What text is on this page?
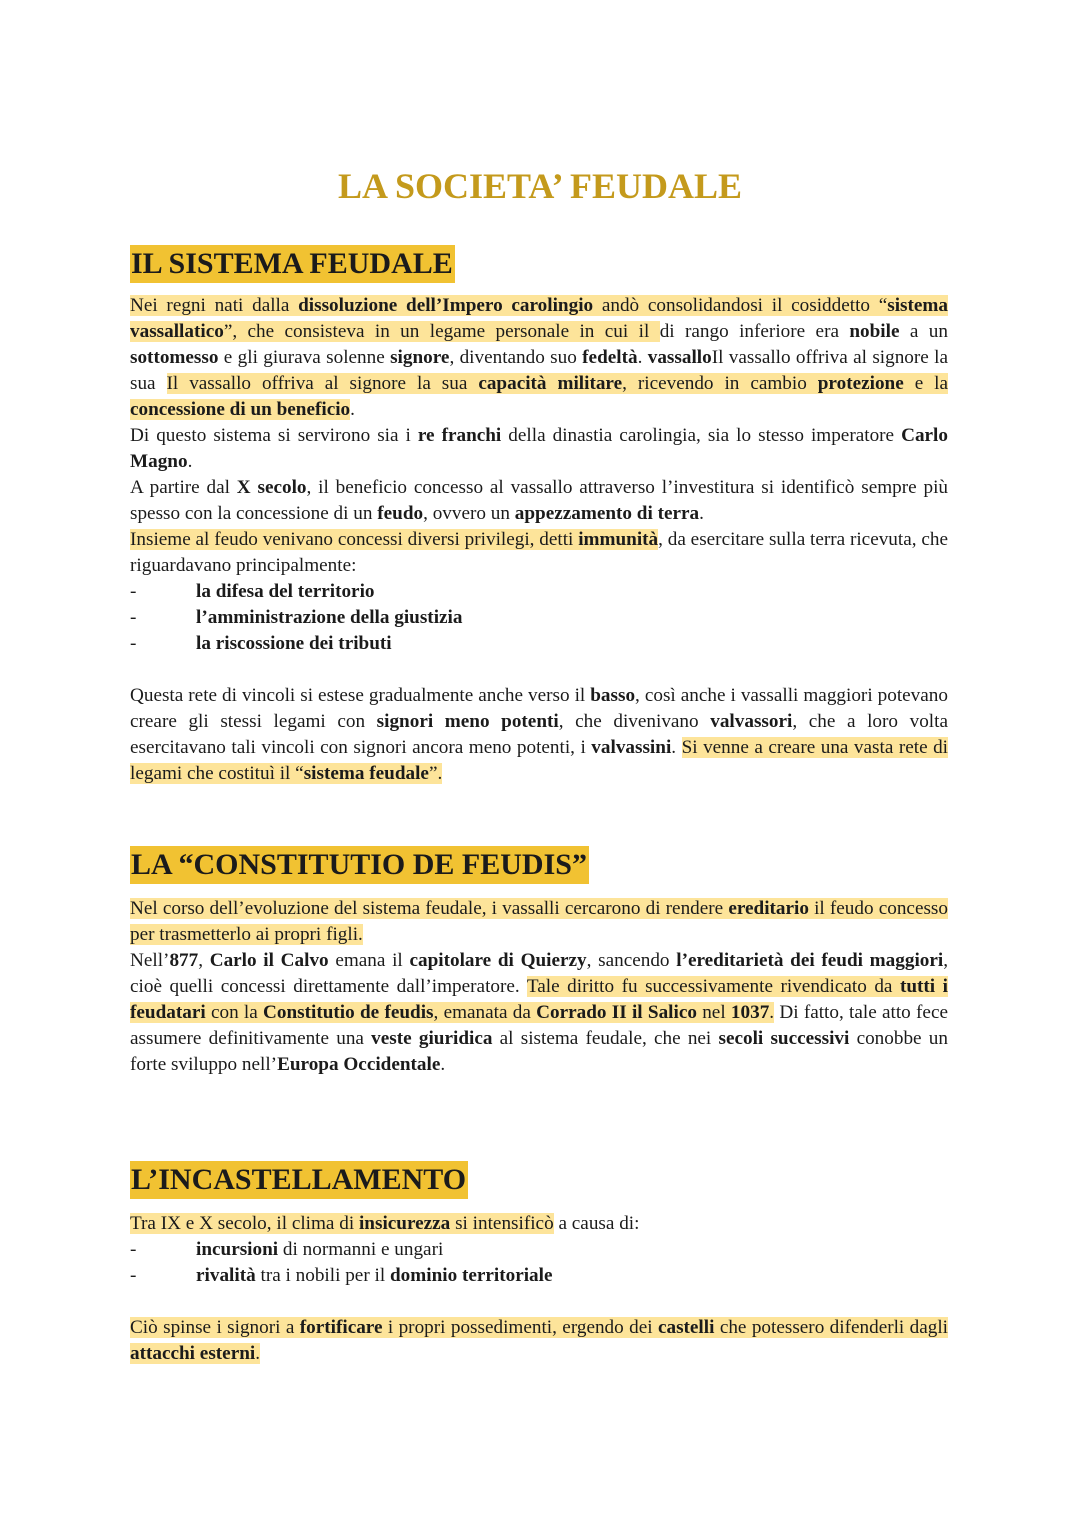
LA SOCIETA’ FEUDALE
IL SISTEMA FEUDALE

Nei regni nati dalla dissoluzione dell’Impero carolingio andò consolidandosi il cosiddetto “sistema vassallatico”, che consisteva in un legame personale in cui il di rango inferiore era nobile a un sottomesso e gli giurava solenne signore, diventando suo fedeltà. vassalloIl vassallo offriva al signore la sua Il vassallo offriva al signore la sua capacità militare, ricevendo in cambio protezione e la concessione di un beneficio.

Di questo sistema si servirono sia i re franchi della dinastia carolingia, sia lo stesso imperatore Carlo Magno.

A partire dal X secolo, il beneficio concesso al vassallo attraverso l’investitura si identificò sempre più spesso con la concessione di un feudo, ovvero un appezzamento di terra.

Insieme al feudo venivano concessi diversi privilegi, detti immunità, da esercitare sulla terra ricevuta, che riguardavano principalmente:

- la difesa del territorio
- l’amministrazione della giustizia
- la riscossione dei tributi

Questa rete di vincoli si estese gradualmente anche verso il basso, così anche i vassalli maggiori potevano creare gli stessi legami con signori meno potenti, che divenivano valvassori, che a loro volta esercitavano tali vincoli con signori ancora meno potenti, i valvassini. Si venne a creare una vasta rete di legami che costituì il “sistema feudale”.

LA “CONSTITUTIO DE FEUDIS”

Nel corso dell’evoluzione del sistema feudale, i vassalli cercarono di rendere ereditario il feudo concesso per trasmetterlo ai propri figli.

Nell’877, Carlo il Calvo emana il capitolare di Quierzy, sancendo l’ereditarietà dei feudi maggiori, cioè quelli concessi direttamente dall’imperatore. Tale diritto fu successivamente rivendicato da tutti i feudatari con la Constitutio de feudis, emanata da Corrado II il Salico nel 1037. Di fatto, tale atto fece assumere definitivamente una veste giuridica al sistema feudale, che nei secoli successivi conobbe un forte sviluppo nell’Europa Occidentale.

L’INCASTELLAMENTO

Tra IX e X secolo, il clima di insicurezza si intensificò a causa di:

- incursioni di normanni e ungari
- rivalità tra i nobili per il dominio territoriale

Ciò spinse i signori a fortificare i propri possedimenti, ergendo dei castelli che potessero difenderli dagli attacchi esterni.
